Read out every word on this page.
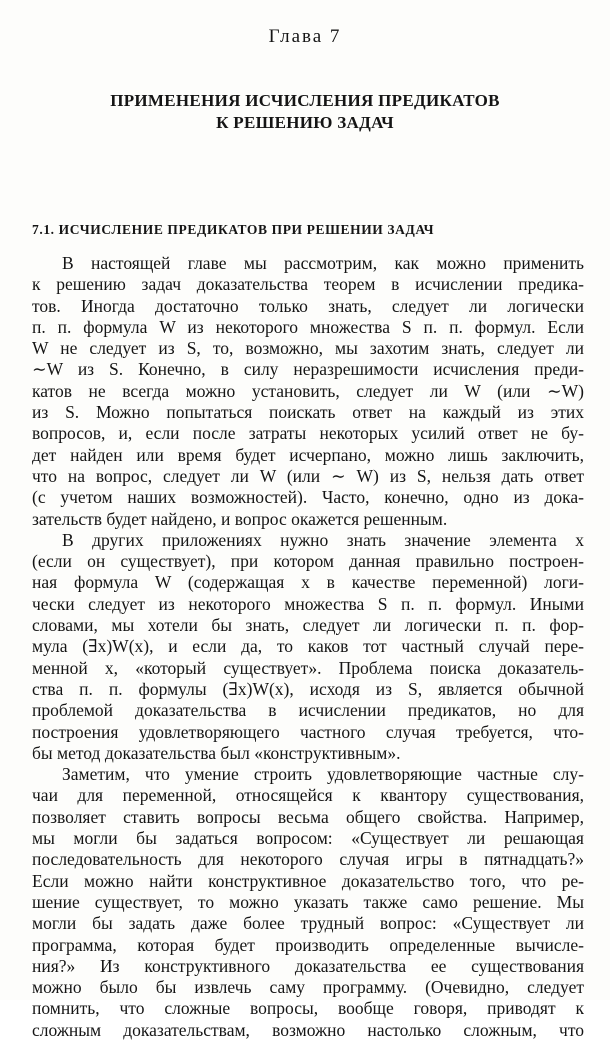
Глава 7
ПРИМЕНЕНИЯ ИСЧИСЛЕНИЯ ПРЕДИКАТОВ
К РЕШЕНИЮ ЗАДАЧ
7.1. ИСЧИСЛЕНИЕ ПРЕДИКАТОВ ПРИ РЕШЕНИИ ЗАДАЧ
В настоящей главе мы рассмотрим, как можно применить
к решению задач доказательства теорем в исчислении предика-
тов. Иногда достаточно только знать, следует ли логически
п. п. формула W из некоторого множества S п. п. формул. Если
W не следует из S, то, возможно, мы захотим знать, следует ли
∼W из S. Конечно, в силу неразрешимости исчисления преди-
катов не всегда можно установить, следует ли W (или ∼W)
из S. Можно попытаться поискать ответ на каждый из этих
вопросов, и, если после затраты некоторых усилий ответ не бу-
дет найден или время будет исчерпано, можно лишь заключить,
что на вопрос, следует ли W (или ∼ W) из S, нельзя дать ответ
(с учетом наших возможностей). Часто, конечно, одно из дока-
зательств будет найдено, и вопрос окажется решенным.
В других приложениях нужно знать значение элемента x
(если он существует), при котором данная правильно построен-
ная формула W (содержащая x в качестве переменной) логи-
чески следует из некоторого множества S п. п. формул. Иными
словами, мы хотели бы знать, следует ли логически п. п. фор-
мула (∃x)W(x), и если да, то каков тот частный случай пере-
менной x, «который существует». Проблема поиска доказатель-
ства п. п. формулы (∃x)W(x), исходя из S, является обычной
проблемой доказательства в исчислении предикатов, но для
построения удовлетворяющего частного случая требуется, что-
бы метод доказательства был «конструктивным».
Заметим, что умение строить удовлетворяющие частные слу-
чаи для переменной, относящейся к квантору существования,
позволяет ставить вопросы весьма общего свойства. Например,
мы могли бы задаться вопросом: «Существует ли решающая
последовательность для некоторого случая игры в пятнадцать?»
Если можно найти конструктивное доказательство того, что ре-
шение существует, то можно указать также само решение. Мы
могли бы задать даже более трудный вопрос: «Существует ли
программа, которая будет производить определенные вычисле-
ния?» Из конструктивного доказательства ее существования
можно было бы извлечь саму программу. (Очевидно, следует
помнить, что сложные вопросы, вообще говоря, приводят к
сложным доказательствам, возможно настолько сложным, что
